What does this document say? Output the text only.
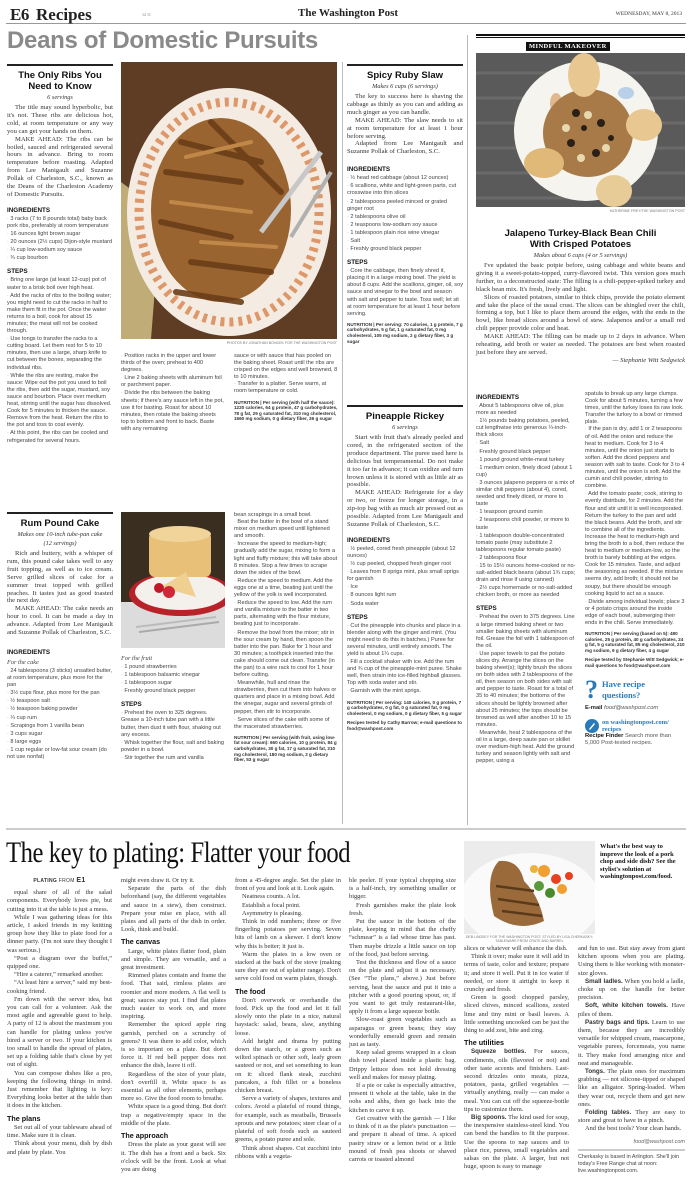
E6 Recipes	12 11	The Washington Post	WEDNESDAY, MAY 8, 2013
Deans of Domestic Pursuits
The Only Ribs You Need to Know
6 servings

The title may sound hyperbolic, but it's not. These ribs are delicious hot, cold, at room temperature or any way you can get your hands on them.

MAKE AHEAD: The ribs can be boiled, sauced and refrigerated several hours in advance. Bring to room temperature before roasting. Adapted from Lee Manigault and Suzanne Pollak of Charleston, S.C., known as the Deans of the Charleston Academy of Domestic Pursuits.

INGREDIENTS
· 3 racks (7 to 8 pounds total) baby back pork ribs, preferably at room temperature
· 16 ounces light brown sugar
· 20 ounces (2½ cups) Dijon-style mustard
· ¼ cup low-sodium soy sauce
· ¾ cup bourbon
STEPS
· Bring one large (at least 12-cup) pot of water to a brisk boil over high heat.
· Add the racks of ribs to the boiling water; you might need to cut the racks in half to make them fit in the pot. Once the water returns to a boil, cook for about 15 minutes; the meat will not be cooked through.
· Use tongs to transfer the racks to a cutting board. Let them rest for 5 to 10 minutes, then use a large, sharp knife to cut between the bones, separating the individual ribs.
· While the ribs are resting, make the sauce: Wipe out the pot you used to boil the ribs, then add the sugar, mustard, soy sauce and bourbon. Place over medium heat, stirring until the sugar has dissolved. Cook for 5 minutes to thicken the sauce. Remove from the heat. Return the ribs to the pot and toss to coat evenly.
· At this point, the ribs can be cooled and refrigerated for several hours.
PHOTOS BY JONATHAN BONCEK FOR THE WASHINGTON POST
· Position racks in the upper and lower thirds of the oven; preheat to 400 degrees.
· Line 2 baking sheets with aluminum foil or parchment paper.
· Divide the ribs between the baking sheets; if there's any sauce left in the pot, use it for basting. Roast for about 10 minutes, then rotate the baking sheets top to bottom and front to back. Baste with any remaining
sauce or with sauce that has pooled on the baking sheet. Roast until the ribs are crisped on the edges and well browned, 8 to 10 minutes.
· Transfer to a platter. Serve warm, at room temperature or cold.
NUTRITION | Per serving (with half the sauce): 1220 calories, 64 g protein, 47 g carbohydrates, 78 g fat, 29 g saturated fat, 310 mg cholesterol, 1660 mg sodium, 0 g dietary fiber, 36 g sugar
Spicy Ruby Slaw
Makes 6 cups (6 servings)

The key to success here is shaving the cabbage as thinly as you can and adding as much ginger as you can handle.

MAKE AHEAD: The slaw needs to sit at room temperature for at least 1 hour before serving.

Adapted from Lee Manigault and Suzanne Pollak of Charleston, S.C.

INGREDIENTS
· ½ head red cabbage (about 12 ounces)
· 6 scallions, white and light-green parts, cut crosswise into thin slices
· 2 tablespoons peeled minced or grated ginger root
· 2 tablespoons olive oil
· 2 teaspoons low-sodium soy sauce
· 1 tablespoon plain rice wine vinegar
· Salt
· Freshly ground black pepper
STEPS
· Core the cabbage, then finely shred it, placing it in a large mixing bowl. The yield is about 8 cups. Add the scallions, ginger, oil, soy sauce and vinegar to the bowl and season with salt and pepper to taste. Toss well; let sit at room temperature for at least 1 hour before serving.
NUTRITION | Per serving: 70 calories, 1 g protein, 7 g carbohydrates, 5 g fat, 1 g saturated fat, 0 mg cholesterol, 105 mg sodium, 2 g dietary fiber, 3 g sugar
Pineapple Rickey
6 servings

Start with fruit that's already peeled and cored, in the refrigerated section of the produce department. The puree used here is delicious but temperamental. Do not make it too far in advance; it can oxidize and turn brown unless it is stored with as little air as possible.

MAKE AHEAD: Refrigerate for a day or two, or freeze for longer storage, in a zip-top bag with as much air pressed out as possible. Adapted from Lee Manigault and Suzanne Pollak of Charleston, S.C.

INGREDIENTS
· ½ peeled, cored fresh pineapple (about 12 ounces)
· ½ cup peeled, chopped fresh ginger root
· Leaves from 8 sprigs mint, plus small sprigs for garnish
· Ice
· 8 ounces light rum
· Soda water
STEPS
· Cut the pineapple into chunks and place in a blender along with the ginger and mint. (You might need to do this in batches.) Puree for several minutes, until entirely smooth. The yield is about 1¼ cups.
· Fill a cocktail shaker with ice. Add the rum and ¾ cup of the pineapple-mint puree. Shake well, then strain into ice-filled highball glasses. Top with soda water and stir.
· Garnish with the mint sprigs.
NUTRITION | Per serving: 140 calories, 0 g protein, 7 g carbohydrates, 0 g fat, 0 g saturated fat, 0 mg cholesterol, 0 mg sodium, 0 g dietary fiber, 5 g sugar
Recipes tested by Cathy Barrow; e-mail questions to food@washpost.com
Rum Pound Cake
Makes one 10-inch tube-pan cake
(12 servings)

Rich and buttery, with a whisper of rum, this pound cake takes well to any fruit topping, as well as to ice cream. Serve grilled slices of cake for a summer treat topped with grilled peaches. It tastes just as good toasted the next day.

MAKE AHEAD: The cake needs an hour to cool. It can be made a day in advance. Adapted from Lee Manigault and Suzanne Pollak of Charleston, S.C.

INGREDIENTS
For the cake
· 24 tablespoons (3 sticks) unsalted butter, at room temperature, plus more for the pan
· 3½ cups flour, plus more for the pan
· ½ teaspoon salt
· ½ teaspoon baking powder
· ¼ cup rum
· Scrapings from 1 vanilla bean
· 3 cups sugar
· 8 large eggs
· 1 cup regular or low-fat sour cream (do not use nonfat)
For the fruit
· 1 pound strawberries
· 1 tablespoon balsamic vinegar
· 1 tablespoon sugar
· Freshly ground black pepper
STEPS
· Preheat the oven to 325 degrees. Grease a 10-inch tube pan with a little butter, then dust it with flour, shaking out any excess.
· Whisk together the flour, salt and baking powder in a bowl.
· Stir together the rum and vanilla
bean scrapings in a small bowl.
· Beat the butter in the bowl of a stand mixer on medium speed until lightened and smooth.
· Increase the speed to medium-high; gradually add the sugar, mixing to form a light and fluffy mixture; this will take about 8 minutes. Stop a few times to scrape down the sides of the bowl.
· Reduce the speed to medium. Add the eggs one at a time, beating just until the yellow of the yolk is well incorporated.
· Reduce the speed to low. Add the rum and vanilla mixture to the batter in two parts, alternating with the flour mixture, beating just to incorporate.
· Remove the bowl from the mixer; stir in the sour cream by hand, then spoon the batter into the pan. Bake for 1 hour and 30 minutes; a toothpick inserted into the cake should come out clean. Transfer (in the pan) to a wire rack to cool for 1 hour before cutting.
· Meanwhile, hull and rinse the strawberries, then cut them into halves or quarters and place in a mixing bowl. Add the vinegar, sugar and several grinds of pepper, then stir to incorporate.
· Serve slices of the cake with some of the macerated strawberries.
NUTRITION | Per serving (with fruit, using low-fat sour cream): 660 calories, 10 g protein, 84 g carbohydrates, 30 g fat, 17 g saturated fat, 210 mg cholesterol, 180 mg sodium, 2 g dietary fiber, 53 g sugar
MINDFUL MAKEOVER
KATHERINE FREY/THE WASHINGTON POST
Jalapeno Turkey-Black Bean Chili With Crisped Potatoes
Makes about 6 cups (4 or 5 servings)

I've updated the basic potpie before, using cabbage and white beans and giving it a sweet-potato-topped, curry-flavored twist. This version goes much further, to a deconstructed state: The filling is a chili-pepper-spiked turkey and black bean mix. It's fresh, lively and light.

Slices of roasted potatoes, similar to thick chips, provide the potato element and take the place of the usual crust. The slices can be shingled over the chili, forming a top, but I like to place them around the edges, with the ends in the bowl, like bread slices around a bowl of stew. Jalapenos and/or a small red chili pepper provide color and heat.

MAKE AHEAD: The filling can be made up to 2 days in advance. When reheating, add broth or water as needed. The potatoes are best when roasted just before they are served.

— Stephanie Witt Sedgwick
INGREDIENTS
· About 5 tablespoons olive oil, plus more as needed
· 1½ pounds baking potatoes, peeled, cut lengthwise into generous ¼-inch-thick slices
· Salt
· Freshly ground black pepper
· 1 pound ground white-meat turkey
· 1 medium onion, finely diced (about 1 cup)
· 3 ounces jalapeno peppers or a mix of similar chili peppers (about 4), cored, seeded and finely diced, or more to taste
· 1 teaspoon ground cumin
· 2 teaspoons chili powder, or more to taste
· 1 tablespoon double-concentrated tomato paste (may substitute 2 tablespoons regular tomato paste)
· 2 tablespoons flour
· 15 to 15½ ounces home-cooked or no-salt-added black beans (about 1¾ cups; drain and rinse if using canned)
· 2½ cups homemade or no-salt-added chicken broth, or more as needed
STEPS
· Preheat the oven to 375 degrees. Line a large rimmed baking sheet or two smaller baking sheets with aluminum foil. Grease the foil with 1 tablespoon of the oil.
· Use paper towels to pat the potato slices dry. Arrange the slices on the baking sheet(s); lightly brush the slices on both sides with 2 tablespoons of the oil, then season on both sides with salt and pepper to taste. Roast for a total of 35 to 40 minutes; the bottoms of the slices should be lightly browned after about 25 minutes; the tops should be browned as well after another 10 to 15 minutes.
· Meanwhile, heat 2 tablespoons of the oil in a large, deep saute pan or skillet over medium-high heat. Add the ground turkey and season lightly with salt and pepper, using a
spatula to break up any large clumps. Cook for about 5 minutes, turning a few times, until the turkey loses its raw look. Transfer the turkey to a bowl or rimmed plate.
· If the pan is dry, add 1 or 2 teaspoons of oil. Add the onion and reduce the heat to medium. Cook for 3 to 4 minutes, until the onion just starts to soften. Add the diced peppers and season with salt to taste. Cook for 3 to 4 minutes, until the onion is soft. Add the cumin and chili powder, stirring to combine.
· Add the tomato paste; cook, stirring to evenly distribute, for 2 minutes. Add the flour and stir until it is well incorporated. Return the turkey to the pan and add the black beans. Add the broth, and stir to combine all of the ingredients. Increase the heat to medium-high and bring the broth to a boil, then reduce the heat to medium or medium-low, so the broth is barely bubbling at the edges. Cook for 15 minutes. Taste, and adjust the seasoning as needed. If the mixture seems dry, add broth; it should not be soupy, but there should be enough cooking liquid to act as a sauce.
· Divide among individual bowls; place 3 or 4 potato crisps around the inside edge of each bowl, submerging their ends in the chili. Serve immediately.
NUTRITION | Per serving (based on 5): 480 calories, 25 g protein, 40 g carbohydrates, 24 g fat, 5 g saturated fat, 85 mg cholesterol, 210 mg sodium, 9 g dietary fiber, 4 g sugar
Recipe tested by Stephanie Witt Sedgwick; e-mail questions to food@washpost.com
? Have recipe
questions?
E-mail food@washpost.com
on washingtonpost.com/
recipes
Recipe Finder Search more than 5,000 Post-tested recipes.
The key to plating: Flatter your food
PLATING FROM E1

equal share of all of the salad components. Everybody loves pie, but cutting into it at the table is just a mess.

While I was gathering ideas for this article, I asked friends in my knitting group how they like to plate food for a dinner party. (I'm not sure they thought I was serious.)

“Post a diagram over the buffet,” quipped one.

“Hire a caterer,” remarked another.

“At least hire a server,” said my best-cooking friend.

I'm down with the server idea, but you can call for a volunteer. Ask the most agile and agreeable guest to help. A party of 12 is about the maximum you can handle for plating unless you've hired a server or two. If your kitchen is too small to handle the spread of plates, set up a folding table that's close by yet out of sight.

You can compose dishes like a pro, keeping the following things in mind. Just remember that lighting is key: Everything looks better at the table than it does in the kitchen.

The plans

Set out all of your tableware ahead of time. Make sure it is clean.

Think about your menu, dish by dish and plate by plate. You

might even draw it. Or try it.

Separate the parts of the dish beforehand (say, the different vegetables and sauce in a stew), then construct. Prepare your mise en place, with all plates and all parts of the dish in order. Look, think and build.

The canvas

Large, white plates flatter food, plain and simple. They are versatile, and a great investment.

Rimmed plates contain and frame the food. That said, rimless plates are roomier and more modern. A flat well is great; sauces stay put. I find flat plates much easier to work on, and more inspiring.

Remember the spiced apple ring garnish, perched on a scrunchy of greens? It was there to add color, which is so important on a plate. But don't force it. If red bell pepper does not enhance the dish, leave it off.

Regardless of the size of your plate, don't overfill it. White space is as essential as all other elements, perhaps more so. Give the food room to breathe.

White space is a good thing. But don't trap a negative/empty space in the middle of the plate.

The approach

Dress the plate as your guest will see it. The dish has a front and a back. Six o'clock will be the front. Look at what you are doing

from a 45-degree angle. Set the plate in front of you and look at it. Look again.

Neatness counts. A lot.

Establish a focal point.

Asymmetry is pleasing.

Think in odd numbers; three or five fingerling potatoes per serving. Seven bits of lamb on a skewer. I don't know why this is better; it just is.

Warm the plates in a low oven or stacked at the back of the stove (making sure they are out of splatter range). Don't serve cold food on warm plates, though.

The food

Don't overwork or overhandle the food. Pick up the food and let it fall slowly onto the plate in a nice, natural haystack: salad, beans, slaw, anything loose.

Add height and drama by putting down the starch, or a green such as wilted spinach or other soft, leafy green sauteed or not, and set something to lean on it: sliced flank steak, zucchini pancakes, a fish fillet or a boneless chicken breast.

Serve a variety of shapes, textures and colors. Avoid a plateful of round things, for example, such as meatballs, Brussels sprouts and new potatoes; steer clear of a plateful of soft foods such as sauteed greens, a potato puree and sole.

Think about shapes. Cut zucchini into ribbons with a vegeta-

ble peeler. If your typical chopping size is a half-inch, try something smaller or bigger.

Fresh garnishes make the plate look fresh.

Put the sauce in the bottom of the plate, keeping in mind that the cheffy “schmear” is a fad whose time has past. Then maybe drizzle a little sauce on top of the food, just before serving.

Test the thickness and flow of a sauce on the plate and adjust it as necessary. (See “The plans,” above.) Just before serving, heat the sauce and put it into a pitcher with a good pouring spout, or, if you want to get truly restaurant-like, apply it from a large squeeze bottle.

Slow-roast green vegetables such as asparagus or green beans; they stay wonderfully emerald green and remain just as tasty.

Keep salad greens wrapped in a clean dish towel placed inside a plastic bag. Drippy lettuce does not hold dressing well and makes for messy plating.

If a pie or cake is especially attractive, present it whole at the table, take in the oohs and ahhs, then go back into the kitchen to carve it up.

Get creative with the garnish — I like to think of it as the plate's punctuation — and prepare it ahead of time. A spiced pastry straw or a lemon twist or a little mound of fresh pea shoots or shaved carrots or toasted almond

DEB LINDSEY FOR THE WASHINGTON POST; STYLED BY LISA CHERKASKY; TABLEWARE FROM CRATE AND BARREL
What's the best way to improve the look of a pork chop and side dish? See the stylist's solution at washingtonpost.com/food.

slices or whatever will enhance the dish.

Think it over; make sure it will add in terms of taste, color and texture; prepare it; and store it well. Put it in ice water if needed, or store it airtight to keep it crunchy and fresh.

Green is good: chopped parsley, sliced chives, minced scallions, zested lime and tiny mint or basil leaves. A little something uncooked can be just the thing to add zest, bite and zing.

The utilities

Squeeze bottles. For sauces, condiments, oils (flavored or not) and other taste accents and finishers. Last-second drizzles onto meats, pizza, potatoes, pasta, grilled vegetables — virtually anything, really — can make a meal. You can cut off the squeeze-bottle tips to customize them.

Big spoons. The kind used for soup, the inexpensive stainless-steel kind. You can bend the handles to fit the purpose. Use the spoons to nap sauces and to place rice, purees, small vegetables and salsas on the plate. A larger, but not huge, spoon is easy to manage

and fun to use. But stay away from giant kitchen spoons when you are plating. Using them is like working with monster-size gloves.

Small ladles. When you hold a ladle, choke up on the handle for better precision.

Soft, white kitchen towels. Have piles of them.

Pastry bags and tips. Learn to use them, because they are incredibly versatile for whipped cream, mascarpone, vegetable purees, forcemeats, you name it. They make food arranging nice and neat and manageable.

Tongs. The plain ones for maximum grabbing — not silicone-tipped or shaped like an alligator. Spring-loaded. When they wear out, recycle them and get new ones.

Folding tables. They are easy to store and great to have in a pinch.

And the best tools? Your clean hands.

food@washpost.com
Cherkasky is based in Arlington. She'll join today's Free Range chat at noon: live.washingtonpost.com.
